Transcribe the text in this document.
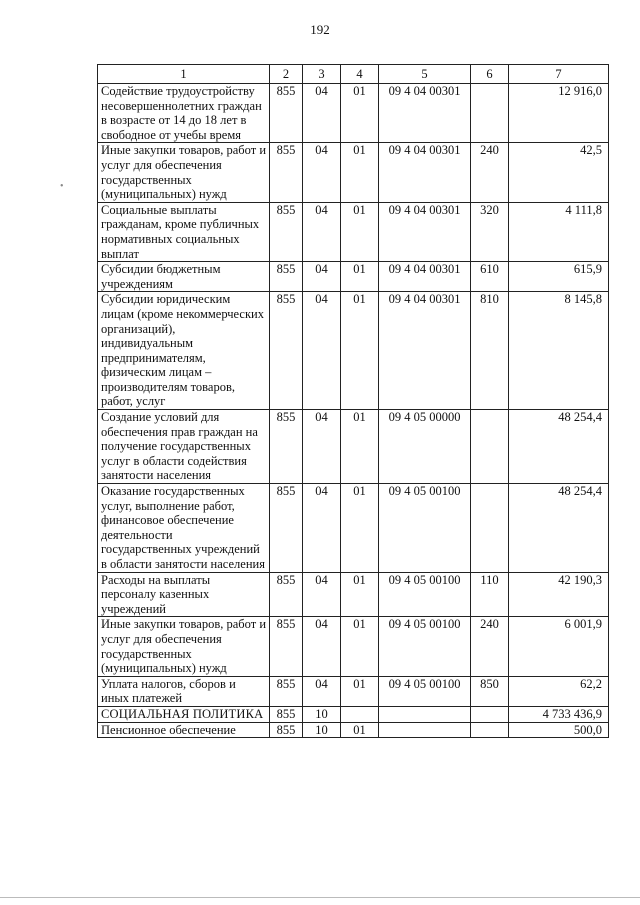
192
•
1	2	3	4	5	6	7
Содействие трудоустройству несовершеннолетних граждан в возрасте от 14 до 18 лет в свободное от учебы время	855	04	01	09 4 04 00301		12 916,0
Иные закупки товаров, работ и услуг для обеспечения государственных (муниципальных) нужд	855	04	01	09 4 04 00301	240	42,5
Социальные выплаты гражданам, кроме публичных нормативных социальных выплат	855	04	01	09 4 04 00301	320	4 111,8
Субсидии бюджетным учреждениям	855	04	01	09 4 04 00301	610	615,9
Субсидии юридическим лицам (кроме некоммерческих организаций), индивидуальным предпринимателям, физическим лицам – производителям товаров, работ, услуг	855	04	01	09 4 04 00301	810	8 145,8
Создание условий для обеспечения прав граждан на получение государственных услуг в области содействия занятости населения	855	04	01	09 4 05 00000		48 254,4
Оказание государственных услуг, выполнение работ, финансовое обеспечение деятельности государственных учреждений в области занятости населения	855	04	01	09 4 05 00100		48 254,4
Расходы на выплаты персоналу казенных учреждений	855	04	01	09 4 05 00100	110	42 190,3
Иные закупки товаров, работ и услуг для обеспечения государственных (муниципальных) нужд	855	04	01	09 4 05 00100	240	6 001,9
Уплата налогов, сборов и иных платежей	855	04	01	09 4 05 00100	850	62,2
СОЦИАЛЬНАЯ ПОЛИТИКА	855	10				4 733 436,9
Пенсионное обеспечение	855	10	01			500,0
